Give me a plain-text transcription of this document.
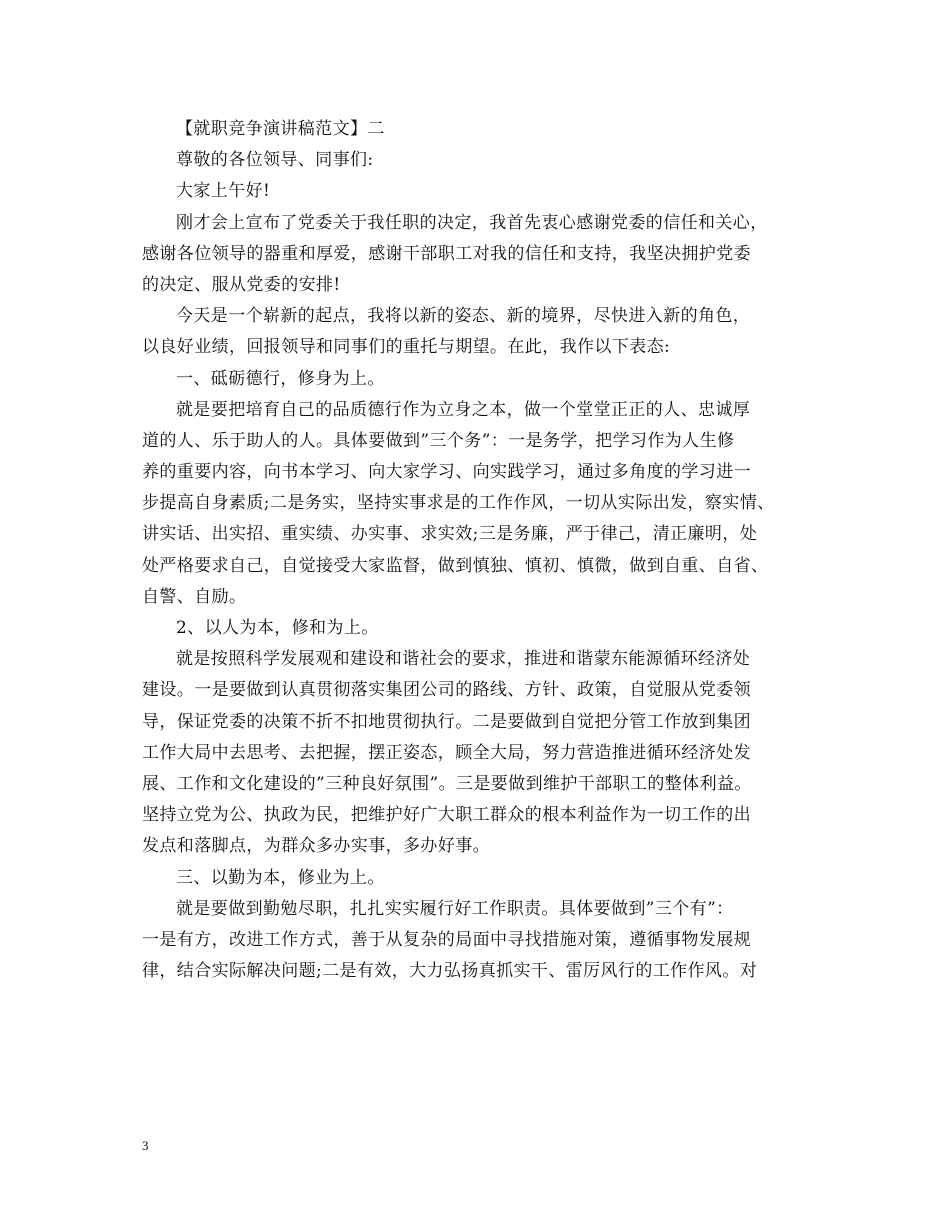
【就职竞争演讲稿范文】二
尊敬的各位领导、同事们:
大家上午好!
刚才会上宣布了党委关于我任职的决定，我首先衷心感谢党委的信任和关心，
感谢各位领导的器重和厚爱，感谢干部职工对我的信任和支持，我坚决拥护党委
的决定、服从党委的安排!
今天是一个崭新的起点，我将以新的姿态、新的境界，尽快进入新的角色，
以良好业绩，回报领导和同事们的重托与期望。在此，我作以下表态:
一、砥砺德行，修身为上。
就是要把培育自己的品质德行作为立身之本，做一个堂堂正正的人、忠诚厚
道的人、乐于助人的人。具体要做到”三个务”：一是务学，把学习作为人生修
养的重要内容，向书本学习、向大家学习、向实践学习，通过多角度的学习进一
步提高自身素质;二是务实，坚持实事求是的工作作风，一切从实际出发，察实情、
讲实话、出实招、重实绩、办实事、求实效;三是务廉，严于律己，清正廉明，处
处严格要求自己，自觉接受大家监督，做到慎独、慎初、慎微，做到自重、自省、
自警、自励。
2、以人为本，修和为上。
就是按照科学发展观和建设和谐社会的要求，推进和谐蒙东能源循环经济处
建设。一是要做到认真贯彻落实集团公司的路线、方针、政策，自觉服从党委领
导，保证党委的决策不折不扣地贯彻执行。二是要做到自觉把分管工作放到集团
工作大局中去思考、去把握，摆正姿态，顾全大局，努力营造推进循环经济处发
展、工作和文化建设的”三种良好氛围”。三是要做到维护干部职工的整体利益。
坚持立党为公、执政为民，把维护好广大职工群众的根本利益作为一切工作的出
发点和落脚点，为群众多办实事，多办好事。
三、以勤为本，修业为上。
就是要做到勤勉尽职，扎扎实实履行好工作职责。具体要做到”三个有”：
一是有方，改进工作方式，善于从复杂的局面中寻找措施对策，遵循事物发展规
律，结合实际解决问题;二是有效，大力弘扬真抓实干、雷厉风行的工作作风。对
3
